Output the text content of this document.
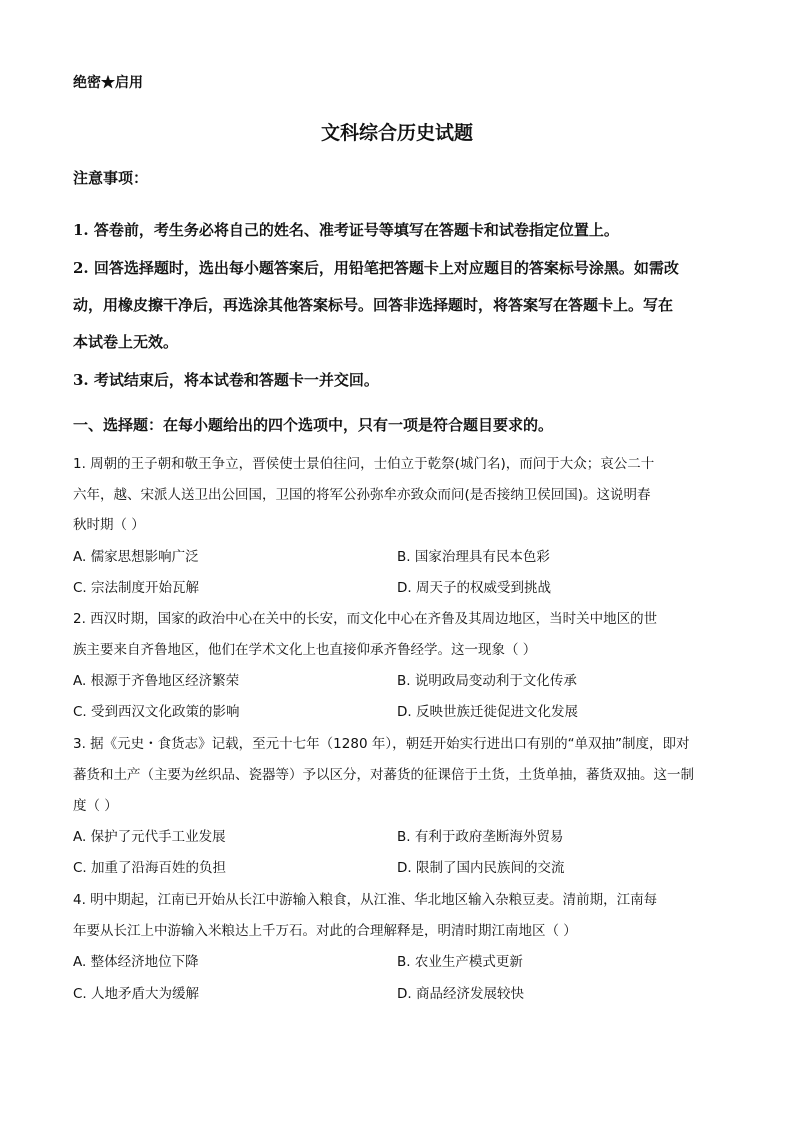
绝密★启用
文科综合历史试题
注意事项：
1. 答卷前，考生务必将自己的姓名、准考证号等填写在答题卡和试卷指定位置上。
2. 回答选择题时，选出每小题答案后，用铅笔把答题卡上对应题目的答案标号涂黑。如需改
动，用橡皮擦干净后，再选涂其他答案标号。回答非选择题时，将答案写在答题卡上。写在
本试卷上无效。
3. 考试结束后，将本试卷和答题卡一并交回。
一、选择题：在每小题给出的四个选项中，只有一项是符合题目要求的。
1. 周朝的王子朝和敬王争立，晋侯使士景伯往问，士伯立于乾祭(城门名)，而问于大众；哀公二十
六年，越、宋派人送卫出公回国，卫国的将军公孙弥牟亦致众而问(是否接纳卫侯回国)。这说明春
秋时期（ ）
A. 儒家思想影响广泛	B. 国家治理具有民本色彩
C. 宗法制度开始瓦解	D. 周天子的权威受到挑战
2. 西汉时期，国家的政治中心在关中的长安，而文化中心在齐鲁及其周边地区，当时关中地区的世
族主要来自齐鲁地区，他们在学术文化上也直接仰承齐鲁经学。这一现象（ ）
A. 根源于齐鲁地区经济繁荣	B. 说明政局变动利于文化传承
C. 受到西汉文化政策的影响	D. 反映世族迁徙促进文化发展
3. 据《元史・食货志》记载，至元十七年（1280 年），朝廷开始实行进出口有别的“单双抽”制度，即对
蕃货和土产（主要为丝织品、瓷器等）予以区分，对蕃货的征课倍于土货，土货单抽，蕃货双抽。这一制
度（ ）
A. 保护了元代手工业发展	B. 有利于政府垄断海外贸易
C. 加重了沿海百姓的负担	D. 限制了国内民族间的交流
4. 明中期起，江南已开始从长江中游输入粮食，从江淮、华北地区输入杂粮豆麦。清前期，江南每
年要从长江上中游输入米粮达上千万石。对此的合理解释是，明清时期江南地区（ ）
A. 整体经济地位下降	B. 农业生产模式更新
C. 人地矛盾大为缓解	D. 商品经济发展较快
